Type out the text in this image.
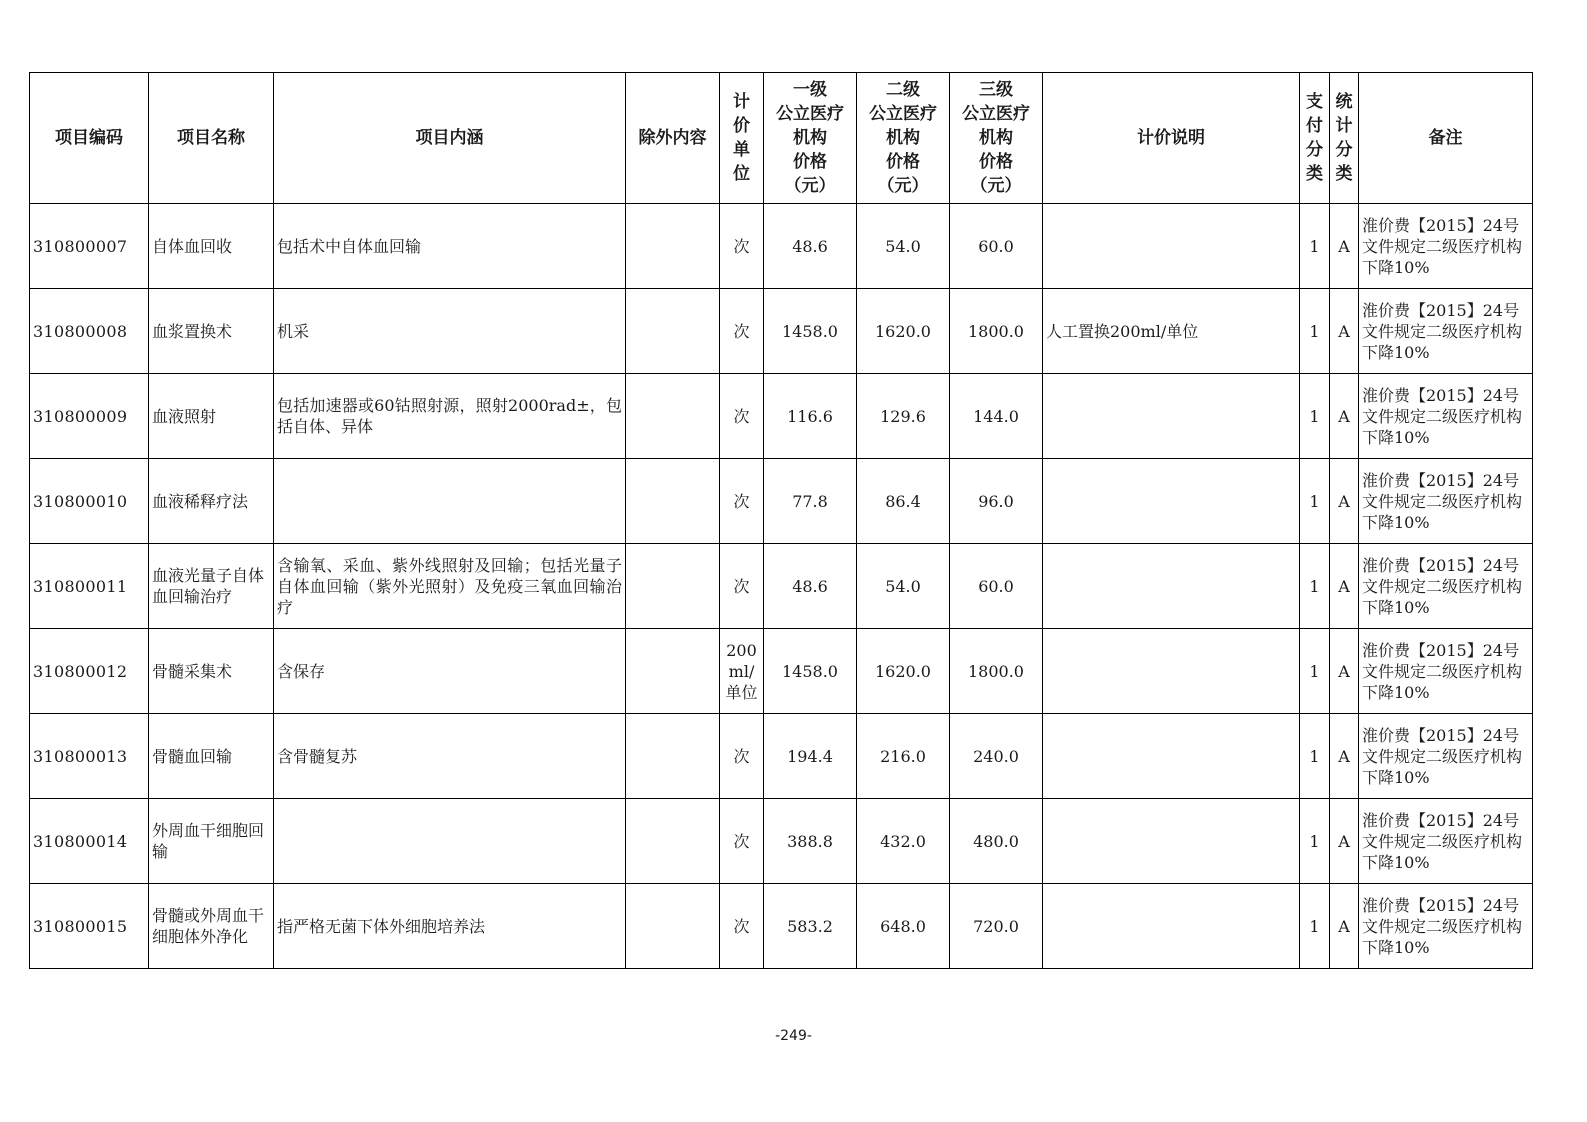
项目编码	项目名称	项目内涵	除外内容	计
价
单
位	一级
公立医疗
机构
价格
（元）	二级
公立医疗
机构
价格
（元）	三级
公立医疗
机构
价格
（元）	计价说明	支
付
分
类	统
计
分
类	备注

310800007	自体血回收	包括术中自体血回输		次	48.6	54.0	60.0		1	A	淮价费【2015】24号文件规定二级医疗机构下降10%
310800008	血浆置换术	机采		次	1458.0	1620.0	1800.0	人工置换200ml/单位	1	A	淮价费【2015】24号文件规定二级医疗机构下降10%
310800009	血液照射	包括加速器或60钴照射源，照射2000rad±，包括自体、异体		次	116.6	129.6	144.0		1	A	淮价费【2015】24号文件规定二级医疗机构下降10%
310800010	血液稀释疗法			次	77.8	86.4	96.0		1	A	淮价费【2015】24号文件规定二级医疗机构下降10%
310800011	血液光量子自体血回输治疗	含输氧、采血、紫外线照射及回输；包括光量子自体血回输（紫外光照射）及免疫三氧血回输治疗		次	48.6	54.0	60.0		1	A	淮价费【2015】24号文件规定二级医疗机构下降10%
310800012	骨髓采集术	含保存		200ml/单位	1458.0	1620.0	1800.0		1	A	淮价费【2015】24号文件规定二级医疗机构下降10%
310800013	骨髓血回输	含骨髓复苏		次	194.4	216.0	240.0		1	A	淮价费【2015】24号文件规定二级医疗机构下降10%
310800014	外周血干细胞回输			次	388.8	432.0	480.0		1	A	淮价费【2015】24号文件规定二级医疗机构下降10%
310800015	骨髓或外周血干细胞体外净化	指严格无菌下体外细胞培养法		次	583.2	648.0	720.0		1	A	淮价费【2015】24号文件规定二级医疗机构下降10%
-249-
